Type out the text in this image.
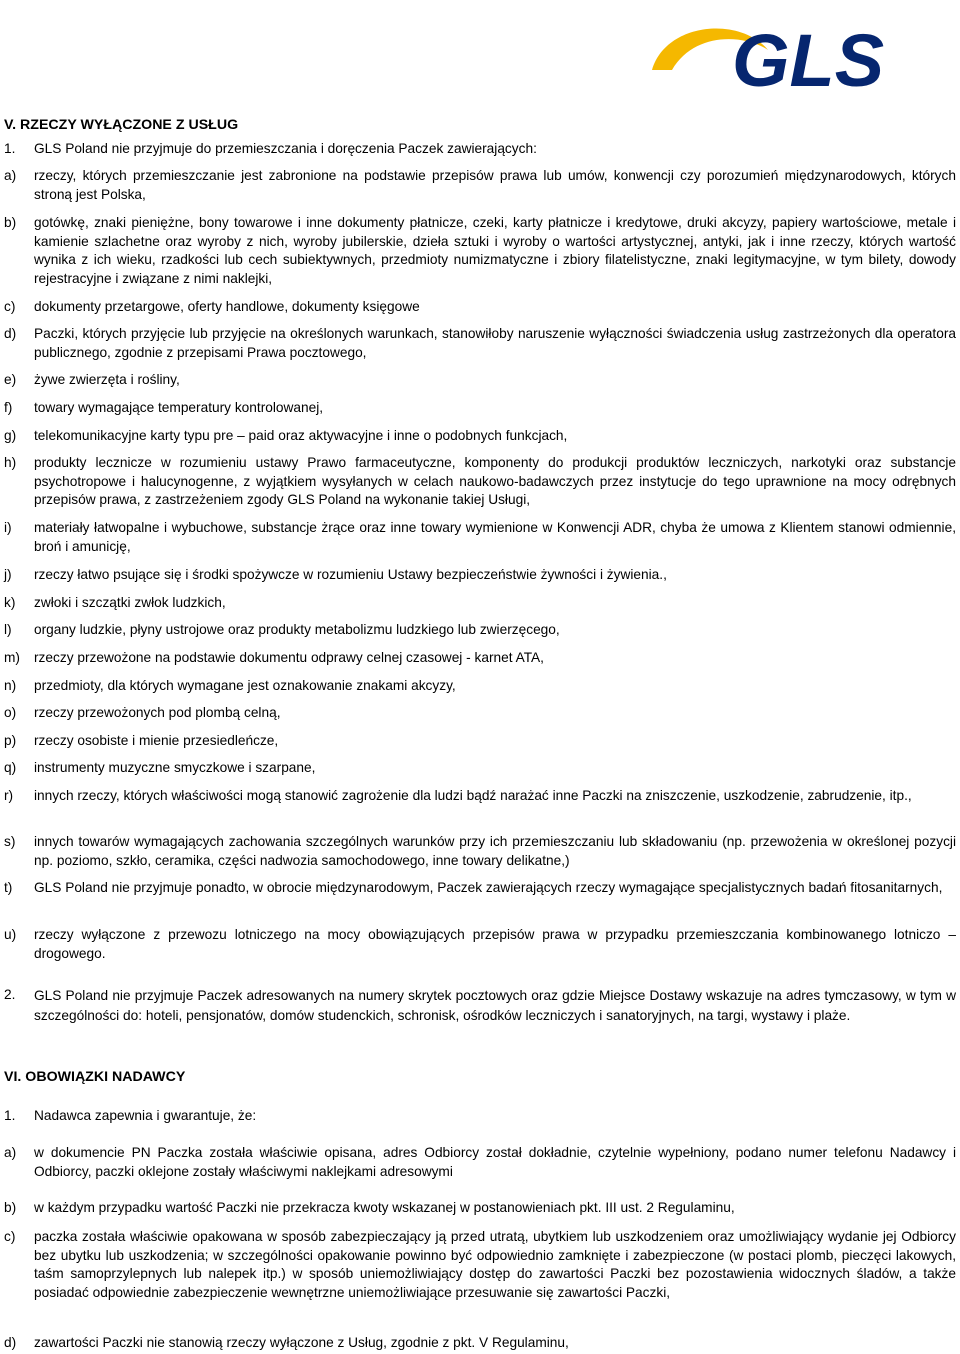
GLS
V. RZECZY WYŁĄCZONE Z USŁUG
1.	GLS Poland nie przyjmuje do przemieszczania i doręczenia Paczek zawierających:
a)	rzeczy, których przemieszczanie jest zabronione na podstawie przepisów prawa lub umów, konwencji czy porozumień międzynarodowych, których stroną jest Polska,
b)	gotówkę, znaki pieniężne, bony towarowe i inne dokumenty płatnicze, czeki, karty płatnicze i kredytowe, druki akcyzy, papiery wartościowe, metale i kamienie szlachetne oraz wyroby z nich, wyroby jubilerskie, dzieła sztuki i wyroby o wartości artystycznej, antyki, jak i inne rzeczy, których wartość wynika z ich wieku, rzadkości lub cech subiektywnych, przedmioty numizmatyczne i zbiory filatelistyczne, znaki legitymacyjne, w tym bilety, dowody rejestracyjne i związane z nimi naklejki,
c)	dokumenty przetargowe, oferty handlowe, dokumenty księgowe
d)	Paczki, których przyjęcie lub przyjęcie na określonych warunkach, stanowiłoby naruszenie wyłączności świadczenia usług zastrzeżonych dla operatora publicznego, zgodnie z przepisami Prawa pocztowego,
e)	żywe zwierzęta i rośliny,
f)	towary wymagające temperatury kontrolowanej,
g)	telekomunikacyjne karty typu pre – paid oraz aktywacyjne i inne o podobnych funkcjach,
h)	produkty lecznicze w rozumieniu ustawy Prawo farmaceutyczne, komponenty do produkcji produktów leczniczych, narkotyki oraz substancje psychotropowe i halucynogenne, z wyjątkiem wysyłanych w celach naukowo-badawczych przez instytucje do tego uprawnione na mocy odrębnych przepisów prawa, z zastrzeżeniem zgody GLS Poland na wykonanie takiej Usługi,
i)	materiały łatwopalne i wybuchowe, substancje żrące oraz inne towary wymienione w Konwencji ADR, chyba że umowa z Klientem stanowi odmiennie, broń i amunicję,
j)	rzeczy łatwo psujące się i środki spożywcze w rozumieniu Ustawy bezpieczeństwie żywności i żywienia.,
k)	zwłoki i szczątki zwłok ludzkich,
l)	organy ludzkie, płyny ustrojowe oraz produkty metabolizmu ludzkiego lub zwierzęcego,
m)	rzeczy przewożone na podstawie dokumentu odprawy celnej czasowej - karnet ATA,
n)	przedmioty, dla których wymagane jest oznakowanie znakami akcyzy,
o)	rzeczy przewożonych pod plombą celną,
p)	rzeczy osobiste i mienie przesiedleńcze,
q)	instrumenty muzyczne smyczkowe i szarpane,
r)	innych rzeczy, których właściwości mogą stanowić zagrożenie dla ludzi bądź narażać inne Paczki na zniszczenie, uszkodzenie, zabrudzenie, itp.,
s)	innych towarów wymagających zachowania szczególnych warunków przy ich przemieszczaniu lub składowaniu (np. przewożenia w określonej pozycji np. poziomo, szkło, ceramika, części nadwozia samochodowego, inne towary delikatne,)
t)	GLS Poland nie przyjmuje ponadto, w obrocie międzynarodowym, Paczek zawierających rzeczy wymagające specjalistycznych badań fitosanitarnych,
u)	rzeczy wyłączone z przewozu lotniczego na mocy obowiązujących przepisów prawa w przypadku przemieszczania kombinowanego lotniczo – drogowego.
2.	GLS Poland nie przyjmuje Paczek adresowanych na numery skrytek pocztowych oraz gdzie Miejsce Dostawy wskazuje na adres tymczasowy, w tym w szczególności do: hoteli, pensjonatów, domów studenckich, schronisk, ośrodków leczniczych i sanatoryjnych, na targi, wystawy i plaże.
VI. OBOWIĄZKI NADAWCY
1.	Nadawca zapewnia i gwarantuje, że:
a)	w dokumencie PN Paczka została właściwie opisana, adres Odbiorcy został dokładnie, czytelnie wypełniony, podano numer telefonu Nadawcy i Odbiorcy, paczki oklejone zostały właściwymi naklejkami adresowymi
b)	w każdym przypadku wartość Paczki nie przekracza kwoty wskazanej w postanowieniach pkt. III ust. 2 Regulaminu,
c)	paczka została właściwie opakowana w sposób zabezpieczający ją przed utratą, ubytkiem lub uszkodzeniem oraz umożliwiający wydanie jej Odbiorcy bez ubytku lub uszkodzenia; w szczególności opakowanie powinno być odpowiednio zamknięte i zabezpieczone (w postaci plomb, pieczęci lakowych, taśm samoprzylepnych lub nalepek itp.) w sposób uniemożliwiający dostęp do zawartości Paczki bez pozostawienia widocznych śladów, a także posiadać odpowiednie zabezpieczenie wewnętrzne uniemożliwiające przesuwanie się zawartości Paczki,
d)	zawartości Paczki nie stanowią rzeczy wyłączone z Usług, zgodnie z pkt. V Regulaminu,
